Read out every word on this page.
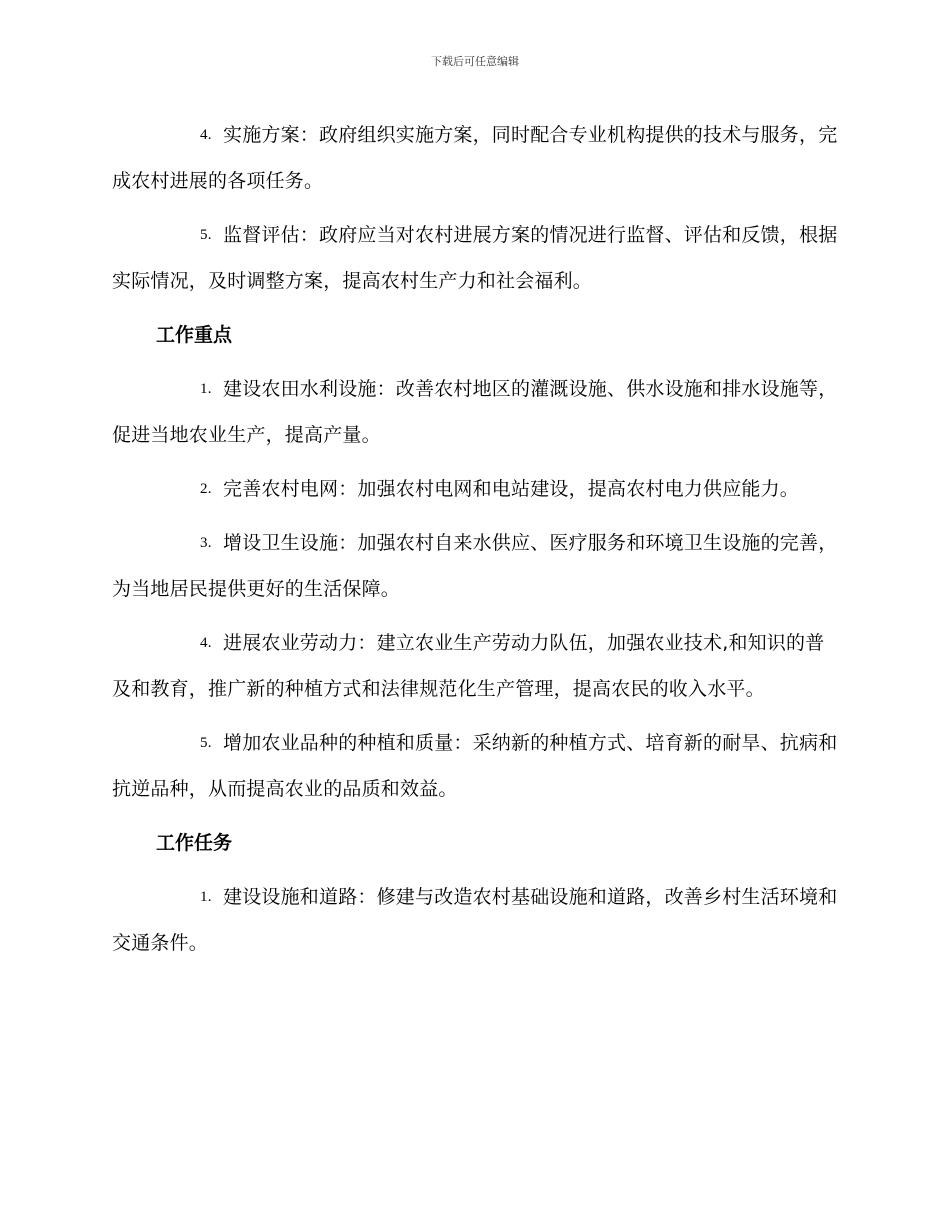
下载后可任意编辑

4. 实施方案：政府组织实施方案，同时配合专业机构提供的技术与服务，完成农村进展的各项任务。

5. 监督评估：政府应当对农村进展方案的情况进行监督、评估和反馈，根据实际情况，及时调整方案，提高农村生产力和社会福利。

工作重点

1. 建设农田水利设施：改善农村地区的灌溉设施、供水设施和排水设施等，促进当地农业生产，提高产量。

2. 完善农村电网：加强农村电网和电站建设，提高农村电力供应能力。

3. 增设卫生设施：加强农村自来水供应、医疗服务和环境卫生设施的完善，为当地居民提供更好的生活保障。

4. 进展农业劳动力：建立农业生产劳动力队伍，加强农业技术,和知识的普及和教育，推广新的种植方式和法律规范化生产管理，提高农民的收入水平。

5. 增加农业品种的种植和质量：采纳新的种植方式、培育新的耐旱、抗病和抗逆品种，从而提高农业的品质和效益。

工作任务

1. 建设设施和道路：修建与改造农村基础设施和道路，改善乡村生活环境和交通条件。
